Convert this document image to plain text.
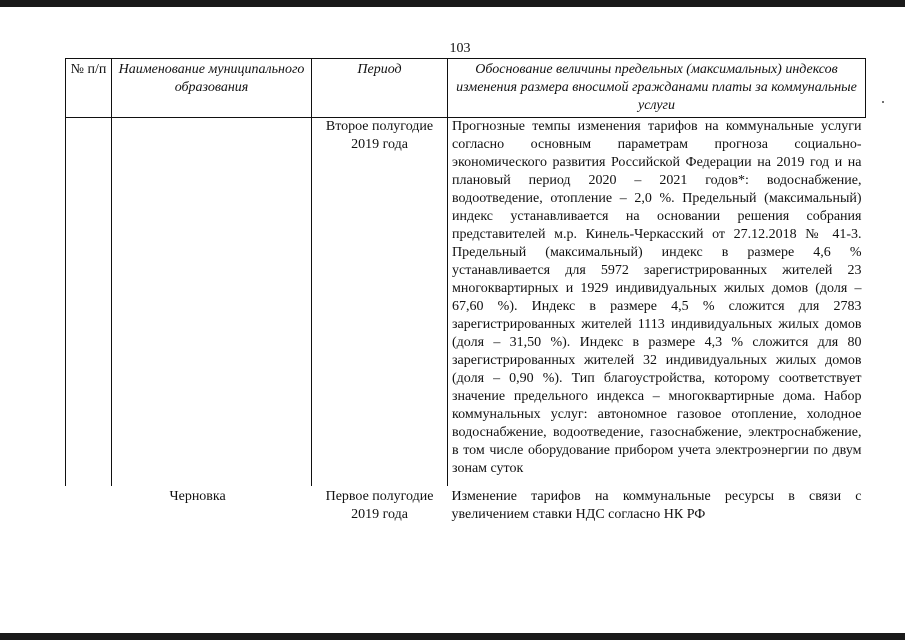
103
№ п/п	Наименование муниципального образования	Период	Обоснование величины предельных (максимальных) индексов изменения размера вносимой гражданами платы за коммунальные услуги
		Второе полугодие 2019 года	Прогнозные темпы изменения тарифов на коммунальные услуги согласно основным параметрам прогноза социально-экономического развития Российской Федерации на 2019 год и на плановый период 2020 – 2021 годов*: водоснабжение, водоотведение, отопление – 2,0 %. Предельный (максимальный) индекс устанавливается на основании решения собрания представителей м.р. Кинель-Черкасский от 27.12.2018 № 41-3. Предельный (максимальный) индекс в размере 4,6 % устанавливается для 5972 зарегистрированных жителей 23 многоквартирных и 1929 индивидуальных жилых домов (доля – 67,60 %). Индекс в размере 4,5 % сложится для 2783 зарегистрированных жителей 1113 индивидуальных жилых домов (доля – 31,50 %). Индекс в размере 4,3 % сложится для 80 зарегистрированных жителей 32 индивидуальных жилых домов (доля – 0,90 %). Тип благоустройства, которому соответствует значение предельного индекса – многоквартирные дома. Набор коммунальных услуг: автономное газовое отопление, холодное водоснабжение, водоотведение, газоснабжение, электроснабжение, в том числе оборудование прибором учета электроэнергии по двум зонам суток
	Черновка	Первое полугодие 2019 года	Изменение тарифов на коммунальные ресурсы в связи с увеличением ставки НДС согласно НК РФ
